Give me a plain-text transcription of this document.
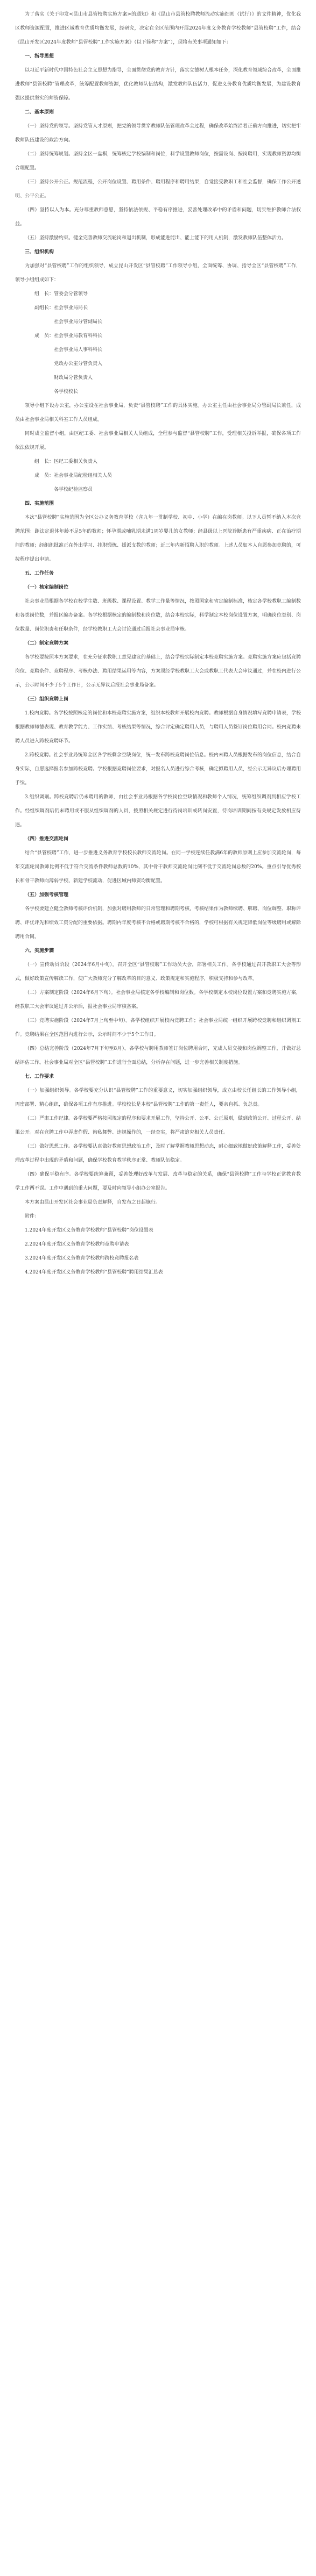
为了落实《关于印发<昆山市县管校聘实施方案>的通知》和《昆山市县管校聘教师流动实施细则（试行）》的文件精神，优化我区教师资源配置，推进区域教育优质均衡发展，经研究，决定在全区范围内开展2024年度义务教育学校教师“县管校聘”工作，结合《昆山开发区2024年度教师“县管校聘”工作实施方案》（以下简称“方案”），现将有关事项通知如下：

一、指导思想

以习近平新时代中国特色社会主义思想为指导，全面贯彻党的教育方针，落实立德树人根本任务，深化教育领域综合改革，全面推进教师“县管校聘”管理改革，统筹配置教师资源，优化教师队伍结构，激发教师队伍活力，促进义务教育优质均衡发展，为建设教育强区提供坚实的师资保障。

二、基本原则

（一）坚持党的领导。坚持党管人才原则，把党的领导贯穿教师队伍管理改革全过程，确保改革始终沿着正确方向推进，切实把牢教师队伍建设的政治方向。

（二）坚持统筹规划。坚持全区一盘棋，统筹核定学校编制和岗位，科学设置教师岗位，按需设岗、按岗聘用，实现教师资源均衡合理配置。

（三）坚持公开公正。规范流程，公开岗位设置、聘用条件、聘用程序和聘用结果，自觉接受教职工和社会监督，确保工作公开透明、公平公正。

（四）坚持以人为本。充分尊重教师意愿，坚持依法依规、平稳有序推进，妥善处理改革中的矛盾和问题，切实维护教师合法权益。

（五）坚持激励约束。健全完善教师交流轮岗和退出机制，形成能进能出、能上能下的用人机制，激发教师队伍整体活力。

三、组织机构

为加强对“县管校聘”工作的组织领导，成立昆山开发区“县管校聘”工作领导小组，全面统筹、协调、指导全区“县管校聘”工作，领导小组组成如下：

组　长：管委会分管领导

副组长：社会事业局局长

　　　　社会事业局分管副局长

成　员：社会事业局教育科科长

　　　　社会事业局人事科科长

　　　　党政办公室分管负责人

　　　　财政局分管负责人

　　　　各学校校长

领导小组下设办公室，办公室设在社会事业局，负责“县管校聘”工作的具体实施。办公室主任由社会事业局分管副局长兼任，成员由社会事业局相关科室工作人员组成。

同时成立监督小组，由区纪工委、社会事业局相关人员组成，全程参与监督“县管校聘”工作，受理相关投诉举报，确保各项工作依法依规开展。

组　长：区纪工委相关负责人

成　员：社会事业局纪检组相关人员

　　　　各学校纪检监察员

四、实施范围

本次“县管校聘”实施范围为全区公办义务教育学校（含九年一贯制学校、初中、小学）在编在岗教师。以下人员暂不纳入本次竞聘范围：距法定退休年龄不足5年的教师；怀孕期或哺乳期未满1周岁婴儿的女教师；经县级以上医院诊断患有严重疾病、正在治疗期间的教师；经组织批准正在外出学习、挂职锻炼、援派支教的教师；近三年内新招聘入职的教师。上述人员如本人自愿参加竞聘的，可按程序提出申请。

五、工作任务

（一）核定编制岗位

社会事业局根据各学校在校学生数、班级数、课程设置、教学工作量等情况，按照国家和省定编制标准，核定各学校教职工编制数和各类岗位数，并报区编办备案。各学校根据核定的编制数和岗位数，结合本校实际，科学制定本校岗位设置方案，明确岗位类别、岗位数量、岗位职责和任职条件，经学校教职工大会讨论通过后报社会事业局审核。

（二）制定竞聘方案

各学校要按照本方案要求，在充分征求教职工意见建议的基础上，结合学校实际制定本校竞聘实施方案。竞聘实施方案应包括竞聘岗位、竞聘条件、竞聘程序、考核办法、聘用结果运用等内容，方案须经学校教职工大会或教职工代表大会审议通过，并在校内进行公示，公示时间不少于5个工作日，公示无异议后报社会事业局备案。

（三）组织竞聘上岗

1.校内竞聘。各学校按照核定的岗位和本校竞聘实施方案，组织本校教师开展校内竞聘。教师根据自身情况填写竞聘申请表，学校根据教师师德表现、教育教学能力、工作实绩、考核结果等情况，综合评定确定聘用人员，与聘用人员签订岗位聘用合同。校内竞聘未聘人员进入跨校竞聘环节。

2.跨校竞聘。社会事业局统筹全区各学校剩余空缺岗位，统一发布跨校竞聘岗位信息。校内未聘人员根据发布的岗位信息，结合自身实际，自愿选择报名参加跨校竞聘。学校根据竞聘岗位要求，对报名人员进行综合考核，确定拟聘用人员，经公示无异议后办理聘用手续。

3.组织调剂。跨校竞聘后仍未聘用的教师，由社会事业局根据各学校岗位空缺情况和教师个人情况，统筹组织调剂到相应学校工作。经组织调剂后仍未聘用或不服从组织调剂的人员，按照相关规定进行待岗培训或转岗安置，待岗培训期间按有关规定发放相应待遇。

（四）推进交流轮岗

结合“县管校聘”工作，进一步推进义务教育学校校长教师交流轮岗。在同一学校连续任教满6年的教师原则上应参加交流轮岗，每年交流轮岗教师比例不低于符合交流条件教师总数的10%，其中骨干教师交流轮岗比例不低于交流轮岗总数的20%。重点引导优秀校长和骨干教师向薄弱学校、新建学校流动，促进区域内师资均衡配置。

（五）加强考核管理

各学校要建立健全教师考核评价机制，加强对聘用教师的日常管理和聘期考核，考核结果作为教师续聘、解聘、岗位调整、职称评聘、评优评先和绩效工资分配的重要依据。聘期内年度考核不合格或聘期考核不合格的，学校可根据有关规定降低岗位等级聘用或解除聘用合同。

六、实施步骤

（一）宣传动员阶段（2024年6月中旬）。召开全区“县管校聘”工作动员大会，部署相关工作。各学校通过召开教职工大会等形式，做好政策宣传解读工作，使广大教师充分了解改革的目的意义、政策规定和实施程序，积极支持和参与改革。

（二）方案制定阶段（2024年6月下旬）。社会事业局核定各学校编制和岗位数。各学校制定本校岗位设置方案和竞聘实施方案，经教职工大会审议通过并公示后，报社会事业局审核备案。

（三）竞聘实施阶段（2024年7月上旬至中旬）。各学校组织开展校内竞聘工作；社会事业局统一组织开展跨校竞聘和组织调剂工作。竞聘结果在全区范围内进行公示，公示时间不少于5个工作日。

（四）总结完善阶段（2024年7月下旬至8月）。各学校与聘用教师签订岗位聘用合同，完成人员交接和岗位调整工作，并做好总结评估工作。社会事业局对全区“县管校聘”工作进行全面总结，分析存在问题，进一步完善相关制度措施。

七、工作要求

（一）加强组织领导。各学校要充分认识“县管校聘”工作的重要意义，切实加强组织领导，成立由校长任组长的工作领导小组，周密部署、精心组织，确保各项工作有序推进。学校校长是本校“县管校聘”工作的第一责任人，要亲自抓、负总责。

（二）严肃工作纪律。各学校要严格按照规定的程序和要求开展工作，坚持公开、公平、公正原则，做到政策公开、过程公开、结果公开。对在竞聘工作中弄虚作假、徇私舞弊、违规操作的，一经查实，将严肃追究相关人员责任。

（三）做好思想工作。各学校要认真做好教师思想政治工作，及时了解掌握教师思想动态，耐心细致地做好政策解释工作，妥善处理改革过程中出现的矛盾和问题，确保学校教育教学秩序正常、教师队伍稳定。

（四）确保平稳有序。各学校要统筹兼顾，妥善处理好改革与发展、改革与稳定的关系，确保“县管校聘”工作与学校正常教育教学工作两不误。工作中遇到的重大问题，要及时向领导小组办公室报告。

本方案由昆山开发区社会事业局负责解释，自发布之日起施行。

附件：

1.2024年度开发区义务教育学校教师“县管校聘”岗位设置表

2.2024年度开发区义务教育学校教师竞聘申请表

3.2024年度开发区义务教育学校教师跨校竞聘报名表

4.2024年度开发区义务教育学校教师“县管校聘”聘用结果汇总表
